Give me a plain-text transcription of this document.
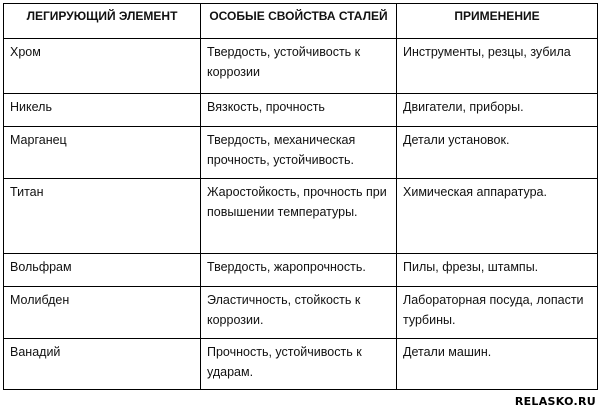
ЛЕГИРУЮЩИЙ ЭЛЕМЕНТ	ОСОБЫЕ СВОЙСТВА СТАЛЕЙ	ПРИМЕНЕНИЕ
Хром	Твердость, устойчивость к коррозии	Инструменты, резцы, зубила
Никель	Вязкость, прочность	Двигатели, приборы.
Марганец	Твердость, механическая прочность, устойчивость.	Детали установок.
Титан	Жаростойкость, прочность при повышении температуры.	Химическая аппаратура.
Вольфрам	Твердость, жаропрочность.	Пилы, фрезы, штампы.
Молибден	Эластичность, стойкость к коррозии.	Лабораторная посуда, лопасти турбины.
Ванадий	Прочность, устойчивость к ударам.	Детали машин.
RELASKO.RU
